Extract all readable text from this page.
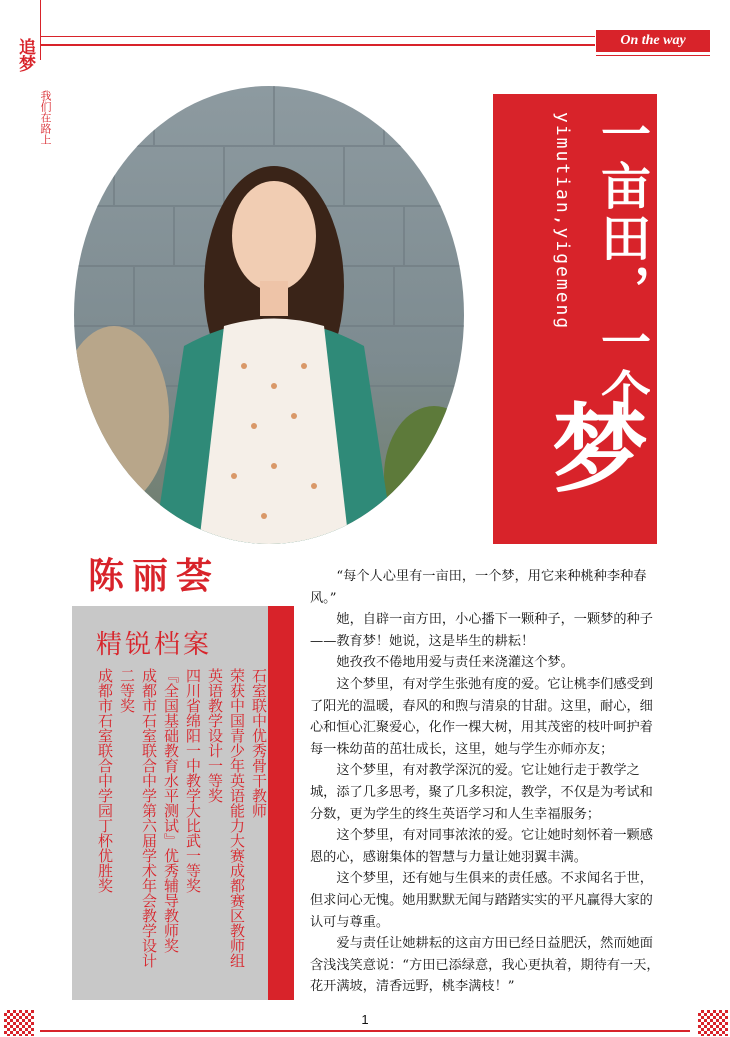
On the way
追梦
我们在路上	一亩田，一个
yimutian,yigemeng
梦
陈丽荟
精锐档案
石室联中优秀骨干教师
荣获中国青少年英语能力大赛成都赛区教师组
英语教学设计一等奖
四川省绵阳一中教学大比武一等奖
『全国基础教育水平测试』优秀辅导教师奖
成都市石室联合中学第六届学术年会教学设计
二等奖
成都市石室联合中学园丁杯优胜奖

“每个人心里有一亩田，一个梦，用它来种桃种李种春风。”

她，自辟一亩方田，小心播下一颗种子，一颗梦的种子——教育梦！她说，这是毕生的耕耘！

她孜孜不倦地用爱与责任来浇灌这个梦。

这个梦里，有对学生张弛有度的爱。它让桃李们感受到了阳光的温暖，春风的和煦与清泉的甘甜。这里，耐心，细心和恒心汇聚爱心，化作一棵大树，用其茂密的枝叶呵护着每一株幼苗的茁壮成长，这里，她与学生亦师亦友；

这个梦里，有对教学深沉的爱。它让她行走于教学之城，添了几多思考，聚了几多积淀，教学，不仅是为考试和分数，更为学生的终生英语学习和人生幸福服务；

这个梦里，有对同事浓浓的爱。它让她时刻怀着一颗感恩的心，感谢集体的智慧与力量让她羽翼丰满。

这个梦里，还有她与生俱来的责任感。不求闻名于世，但求问心无愧。她用默默无闻与踏踏实实的平凡赢得大家的认可与尊重。

爱与责任让她耕耘的这亩方田已经日益肥沃，然而她面含浅浅笑意说：“方田已添绿意，我心更执着，期待有一天，花开满坡，清香远野，桃李满枝！”

1
